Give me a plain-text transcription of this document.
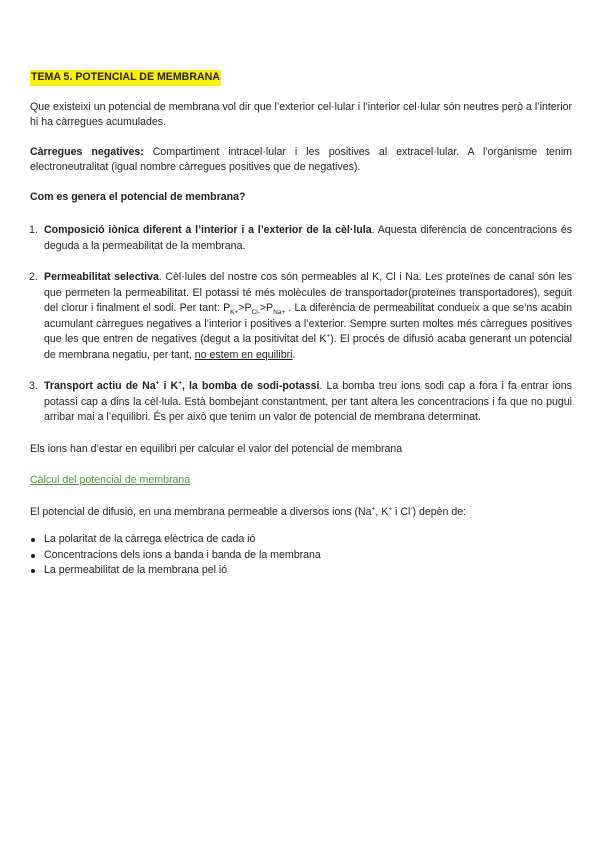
TEMA 5. POTENCIAL DE MEMBRANA

Que existeixi un potencial de membrana vol dir que l’exterior cel·lular i l’interior cel·lular són neutres però a l’interior hi ha càrregues acumulades.

Càrregues negatives: Compartiment intracel·lular i les positives al extracel·lular. A l’organisme tenim electroneutralitat (igual nombre càrregues positives que de negatives).

Com es genera el potencial de membrana?
1. Composició iònica diferent a l’interior i a l’exterior de la cèl·lula. Aquesta diferència de concentracions és deguda a la permeabilitat de la membrana.
2. Permeabilitat selectiva. Cèl·lules del nostre cos són permeables al K, Cl i Na. Les proteïnes de canal són les que permeten la permeabilitat. El potassi té més molècules de transportador(proteïnes transportadores), seguit del clorur i finalment el sodi. Per tant: $P_{K+}>P_{Cl-}>P_{Na+}$ . La diferència de permeabilitat condueix a que se’ns acabin acumulant càrregues negatives a l’interior i positives a l’exterior. Sempre surten moltes més càrregues positives que les que entren de negatives (degut a la positivitat del K+). El procés de difusió acaba generant un potencial de membrana negatiu, per tant, no estem en equilibri.
3. Transport actiu de Na+ i K+, la bomba de sodi-potassi. La bomba treu ions sodi cap a fora i fa entrar ions potassi cap a dins la cèl·lula. Està bombejant constantment, per tant altera les concentracions i fa que no pugui arribar mai a l’equilibri. És per això que tenim un valor de potencial de membrana determinat.

Els ions han d’estar en equilibri per calcular el valor del potencial de membrana

Càlcul del potencial de membrana

El potencial de difusió, en una membrana permeable a diversos ions (Na+, K+ i Cl-) depèn de:

La polaritat de la càrrega elèctrica de cada ió
Concentracions dels ions a banda i banda de la membrana
La permeabilitat de la membrana pel ió
